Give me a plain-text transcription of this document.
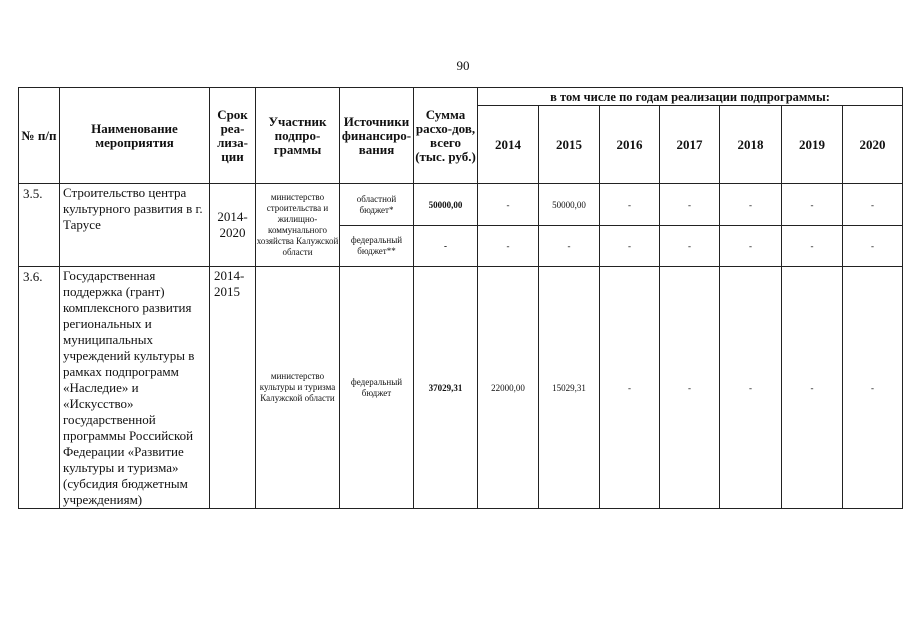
90
№ п/п	Наименование мероприятия	Срок реа-лиза-ции	Участник подпро-граммы	Источники финансиро-вания	Сумма расхо-дов, всего (тыс. руб.)	в том числе по годам реализации подпрограммы:						
						2014	2015	2016	2017	2018	2019	2020
3.5.	Строительство центра культурного развития в г. Тарусе	2014-2020	министерство строительства и жилищно-коммунального хозяйства Калужской области	областной бюджет*	50000,00	-	50000,00	-	-	-	-	-
				федеральный бюджет**	-	-	-	-	-	-	-	-
3.6.	Государственная поддержка (грант) комплексного развития региональных и муниципальных учреждений культуры в рамках подпрограмм «Наследие» и «Искусство» государственной программы Российской Федерации «Развитие культуры и туризма» (субсидия бюджетным учреждениям)	2014-2015	министерство культуры и туризма Калужской области	федеральный бюджет	37029,31	22000,00	15029,31	-	-	-	-	-
